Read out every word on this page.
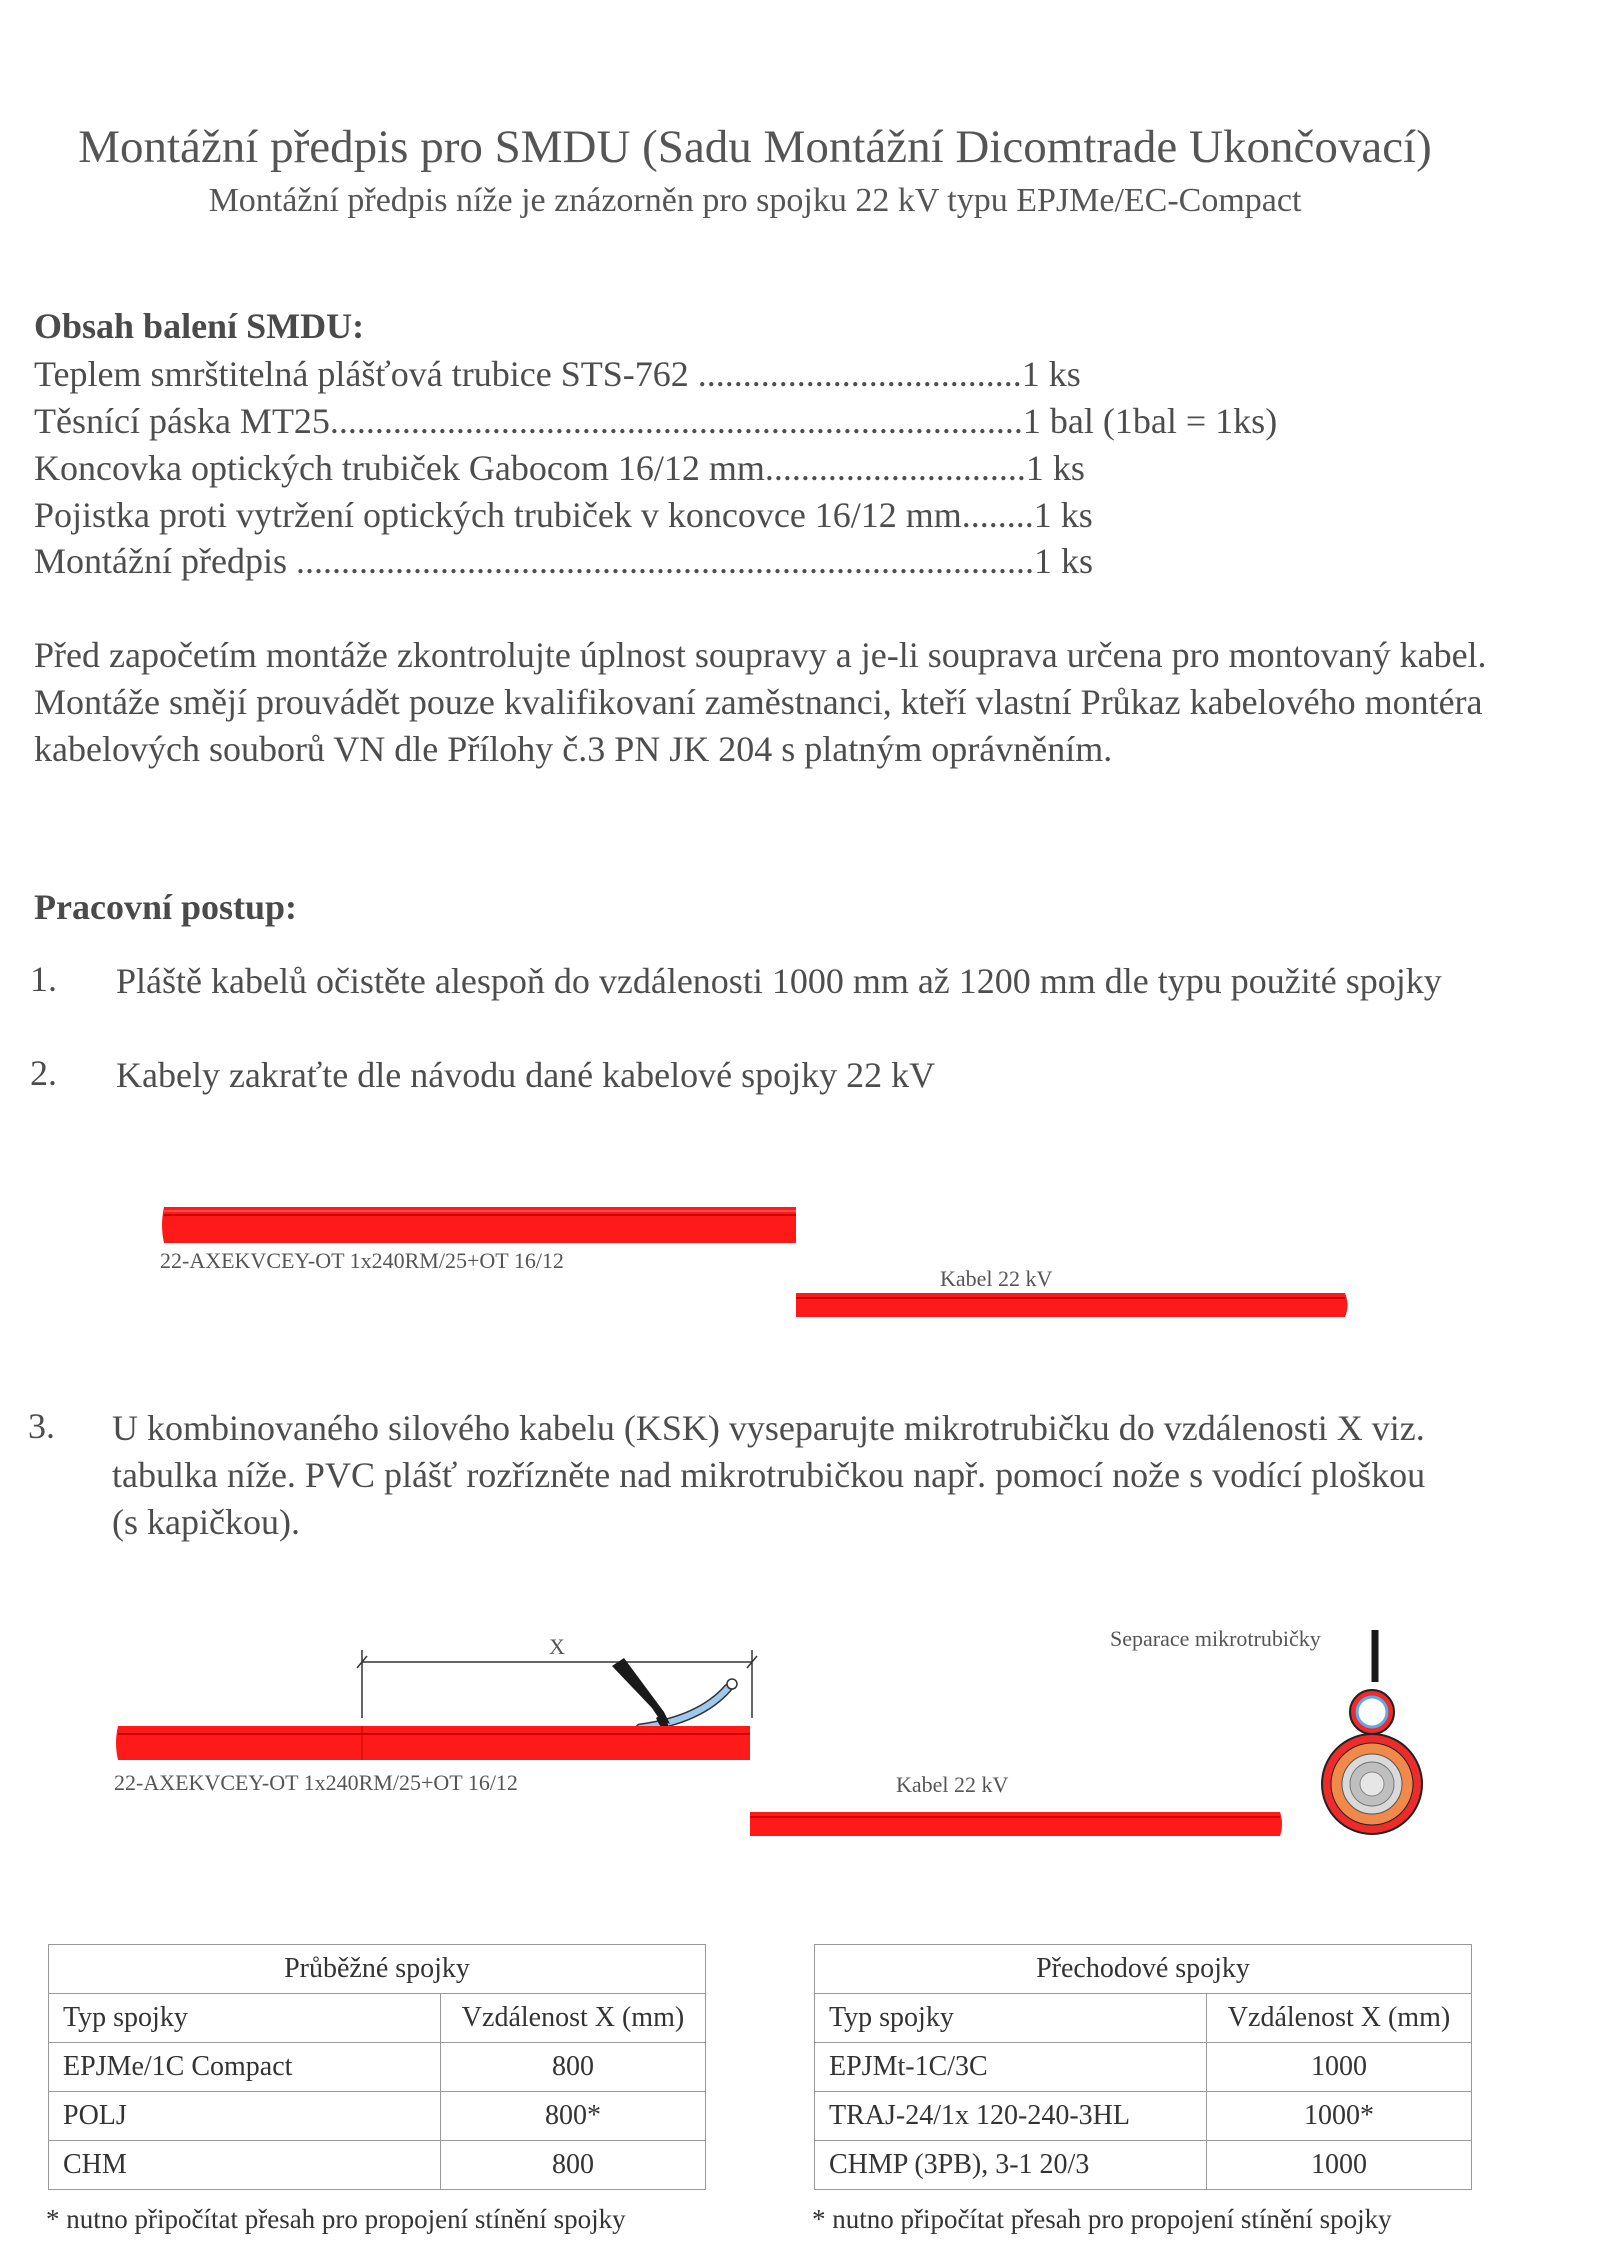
Montážní předpis pro SMDU (Sadu Montážní Dicomtrade Ukončovací)
Montážní předpis níže je znázorněn pro spojku 22 kV typu EPJMe/EC-Compact
Obsah balení SMDU:
Teplem smrštitelná plášťová trubice STS-762 ....................................1 ks
Těsnící páska MT25.............................................................................1 bal (1bal = 1ks)
Koncovka optických trubiček Gabocom 16/12 mm.............................1 ks
Pojistka proti vytržení optických trubiček v koncovce 16/12 mm........1 ks
Montážní předpis ..................................................................................1 ks
Před započetím montáže zkontrolujte úplnost soupravy a je-li souprava určena pro montovaný kabel. Montáže smějí prouvádět pouze kvalifikovaní zaměstnanci, kteří vlastní Průkaz kabelového montéra kabelových souborů VN dle Přílohy č.3 PN JK 204 s platným oprávněním.
Pracovní postup:
1. Pláště kabelů očistěte alespoň do vzdálenosti 1000 mm až 1200 mm dle typu použité spojky
2. Kabely zakraťte dle návodu dané kabelové spojky 22 kV
22-AXEKVCEY-OT 1x240RM/25+OT 16/12
Kabel 22 kV
3. U kombinovaného silového kabelu (KSK) vyseparujte mikrotrubičku do vzdálenosti X viz. tabulka níže. PVC plášť rozřízněte nad mikrotrubičkou např. pomocí nože s vodící ploškou (s kapičkou).
Separace mikrotrubičky
22-AXEKVCEY-OT 1x240RM/25+OT 16/12	Kabel 22 kV
X
Průběžné spojky	
Typ spojky	Vzdálenost X (mm)
EPJMe/1C Compact	800
POLJ	800*
CHM	800
* nutno připočítat přesah pro propojení stínění spojky
Přechodové spojky	
Typ spojky	Vzdálenost X (mm)
EPJMt-1C/3C	1000
TRAJ-24/1x 120-240-3HL	1000*
CHMP (3PB), 3-1 20/3	1000
* nutno připočítat přesah pro propojení stínění spojky
